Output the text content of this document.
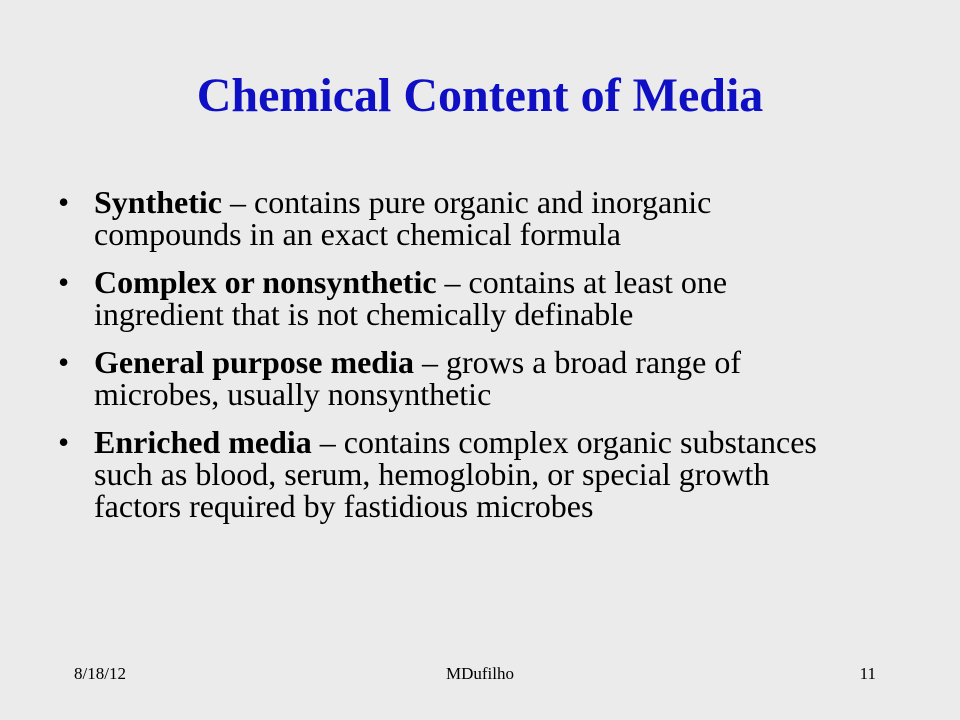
Chemical Content of Media
• Synthetic – contains pure organic and inorganic compounds in an exact chemical formula
• Complex or nonsynthetic – contains at least one ingredient that is not chemically definable
• General purpose media – grows a broad range of microbes, usually nonsynthetic
• Enriched media – contains complex organic substances such as blood, serum, hemoglobin, or special growth factors required by fastidious microbes
MDufilho
8/18/12	11
